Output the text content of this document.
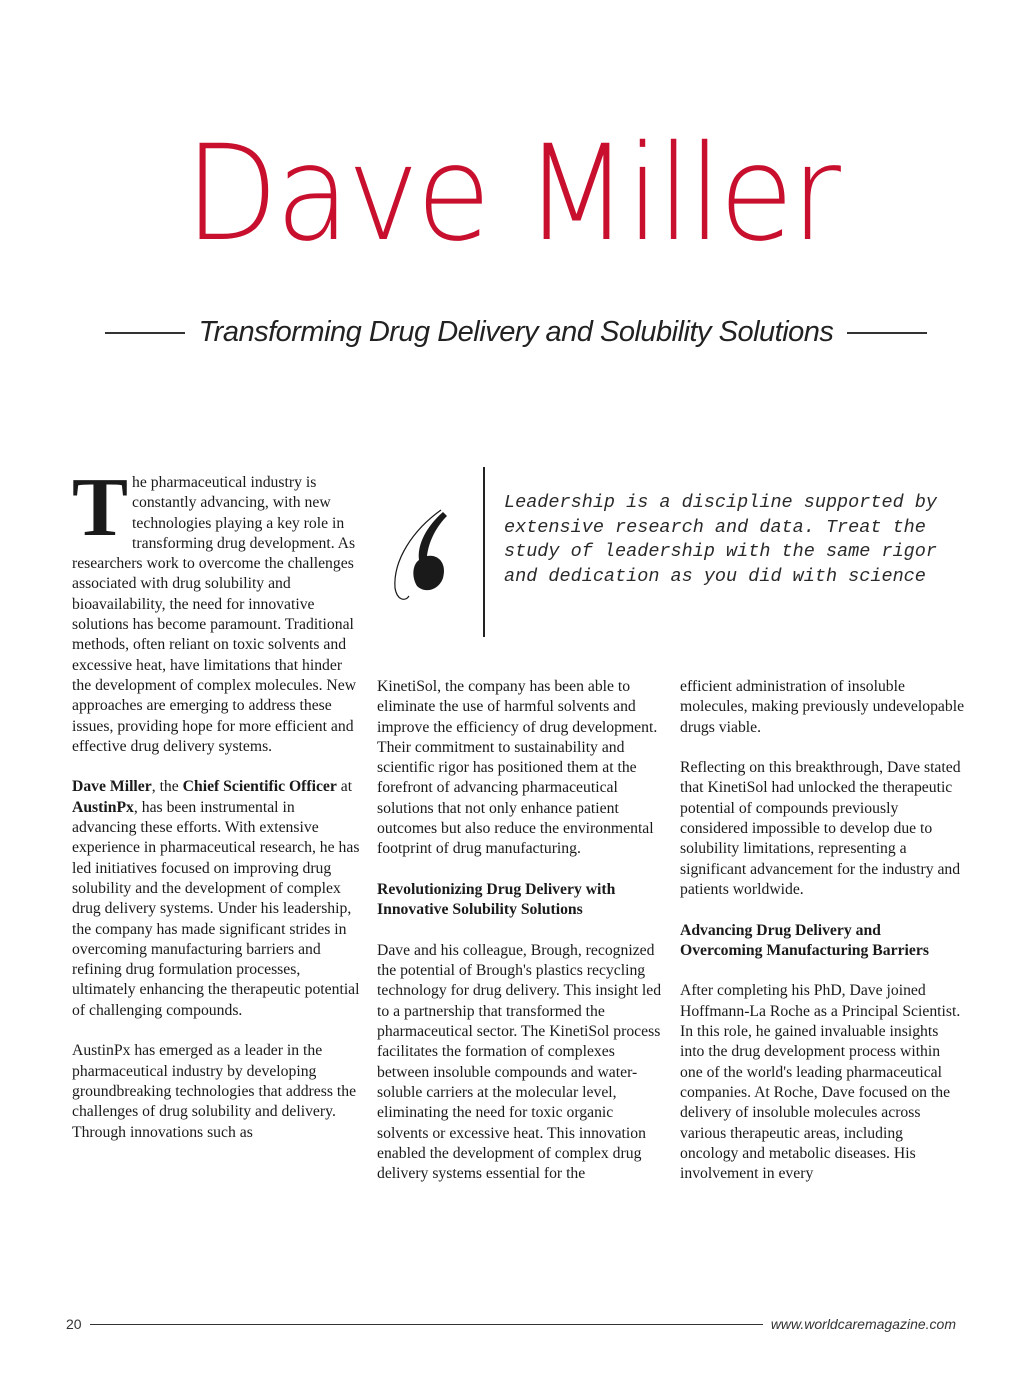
Dave Miller
Transforming Drug Delivery and Solubility Solutions

The pharmaceutical industry is constantly advancing, with new technologies playing a key role in transforming drug development. As researchers work to overcome the challenges associated with drug solubility and bioavailability, the need for innovative solutions has become paramount. Traditional methods, often reliant on toxic solvents and excessive heat, have limitations that hinder the development of complex molecules. New approaches are emerging to address these issues, providing hope for more efficient and effective drug delivery systems.

Dave Miller, the Chief Scientific Officer at AustinPx, has been instrumental in advancing these efforts. With extensive experience in pharmaceutical research, he has led initiatives focused on improving drug solubility and the development of complex drug delivery systems. Under his leadership, the company has made significant strides in overcoming manufacturing barriers and refining drug formulation processes, ultimately enhancing the therapeutic potential of challenging compounds.

AustinPx has emerged as a leader in the pharmaceutical industry by developing groundbreaking technologies that address the challenges of drug solubility and delivery. Through innovations such as

Leadership is a discipline supported by extensive research and data. Treat the study of leadership with the same rigor and dedication as you did with science

KinetiSol, the company has been able to eliminate the use of harmful solvents and improve the efficiency of drug development. Their commitment to sustainability and scientific rigor has positioned them at the forefront of advancing pharmaceutical solutions that not only enhance patient outcomes but also reduce the environmental footprint of drug manufacturing.

Revolutionizing Drug Delivery with Innovative Solubility Solutions

Dave and his colleague, Brough, recognized the potential of Brough's plastics recycling technology for drug delivery. This insight led to a partnership that transformed the pharmaceutical sector. The KinetiSol process facilitates the formation of complexes between insoluble compounds and water-soluble carriers at the molecular level, eliminating the need for toxic organic solvents or excessive heat. This innovation enabled the development of complex drug delivery systems essential for the

efficient administration of insoluble molecules, making previously undevelopable drugs viable.

Reflecting on this breakthrough, Dave stated that KinetiSol had unlocked the therapeutic potential of compounds previously considered impossible to develop due to solubility limitations, representing a significant advancement for the industry and patients worldwide.

Advancing Drug Delivery and Overcoming Manufacturing Barriers

After completing his PhD, Dave joined Hoffmann-La Roche as a Principal Scientist. In this role, he gained invaluable insights into the drug development process within one of the world's leading pharmaceutical companies. At Roche, Dave focused on the delivery of insoluble molecules across various therapeutic areas, including oncology and metabolic diseases. His involvement in every

20	www.worldcaremagazine.com
